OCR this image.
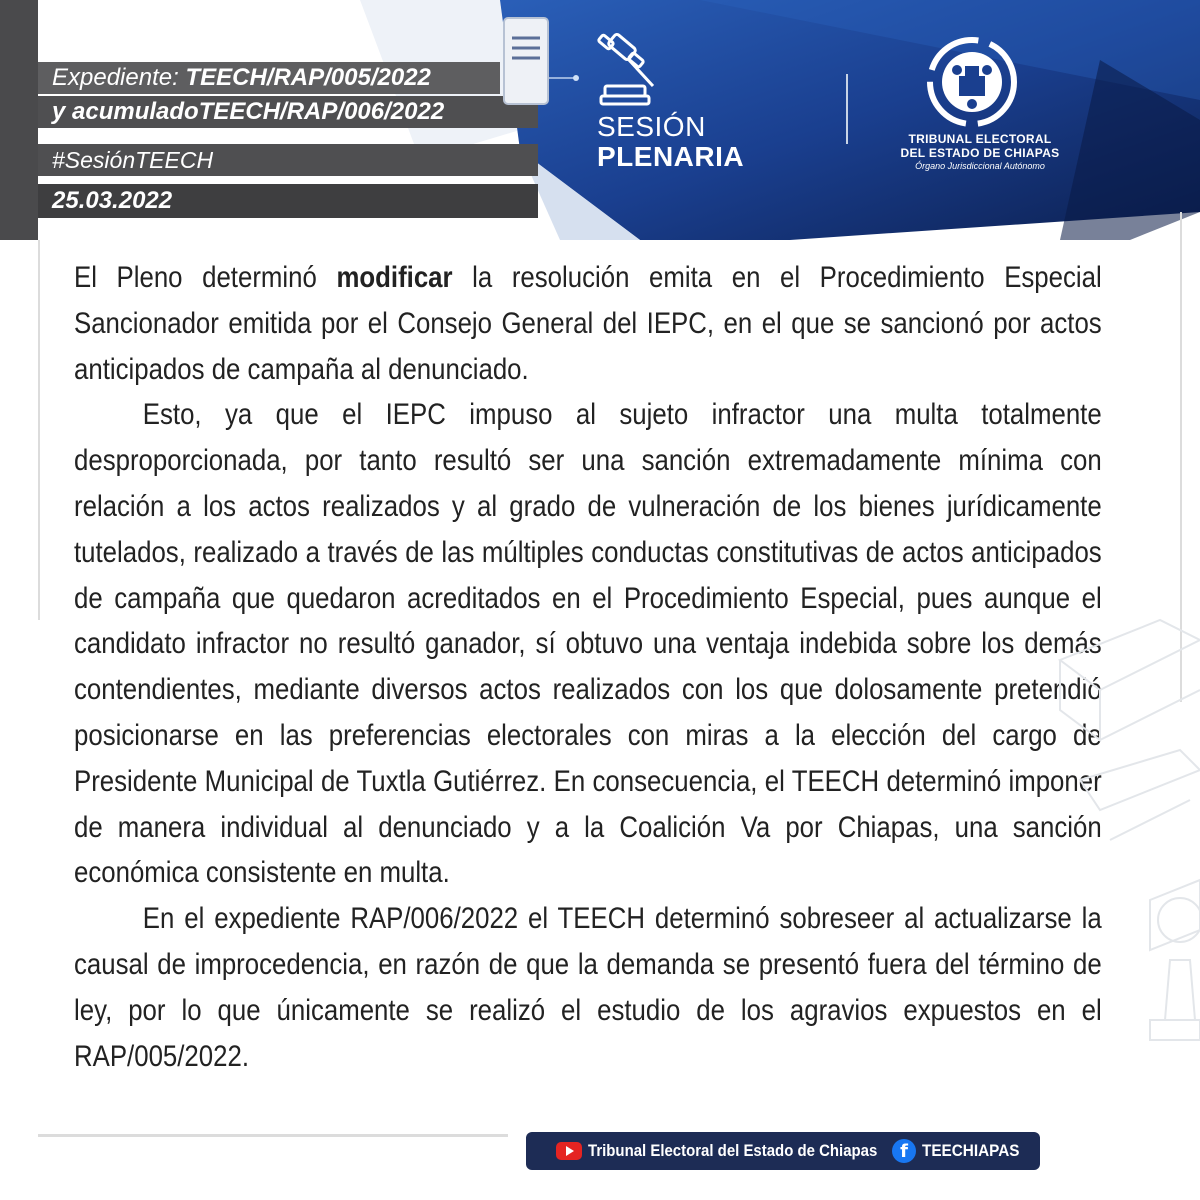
Expediente: TEECH/RAP/005/2022
y acumuladoTEECH/RAP/006/2022
#SesiónTEECH
25.03.2022
SESIÓN
PLENARIA
TRIBUNAL ELECTORAL
DEL ESTADO DE CHIAPAS
Órgano Jurisdiccional Autónomo

El Pleno determinó modificar la resolución emita en el Procedimiento Especial Sancionador emitida por el Consejo General del IEPC, en el que se sancionó por actos anticipados de campaña al denunciado.

Esto, ya que el IEPC impuso al sujeto infractor una multa totalmente desproporcionada, por tanto resultó ser una sanción extremadamente mínima con relación a los actos realizados y al grado de vulneración de los bienes jurídicamente tutelados, realizado a través de las múltiples conductas constitutivas de actos anticipados de campaña que quedaron acreditados en el Procedimiento Especial, pues aunque el candidato infractor no resultó ganador, sí obtuvo una ventaja indebida sobre los demás contendientes, mediante diversos actos realizados con los que dolosamente pretendió posicionarse en las preferencias electorales con miras a la elección del cargo de Presidente Municipal de Tuxtla Gutiérrez. En consecuencia, el TEECH determinó imponer de manera individual al denunciado y a la Coalición Va por Chiapas, una sanción económica consistente en multa.

En el expediente RAP/006/2022 el TEECH determinó sobreseer al actualizarse la causal de improcedencia, en razón de que la demanda se presentó fuera del término de ley, por lo que únicamente se realizó el estudio de los agravios expuestos en el RAP/005/2022.

Tribunal Electoral del Estado de Chiapas	f TEECHIAPAS
